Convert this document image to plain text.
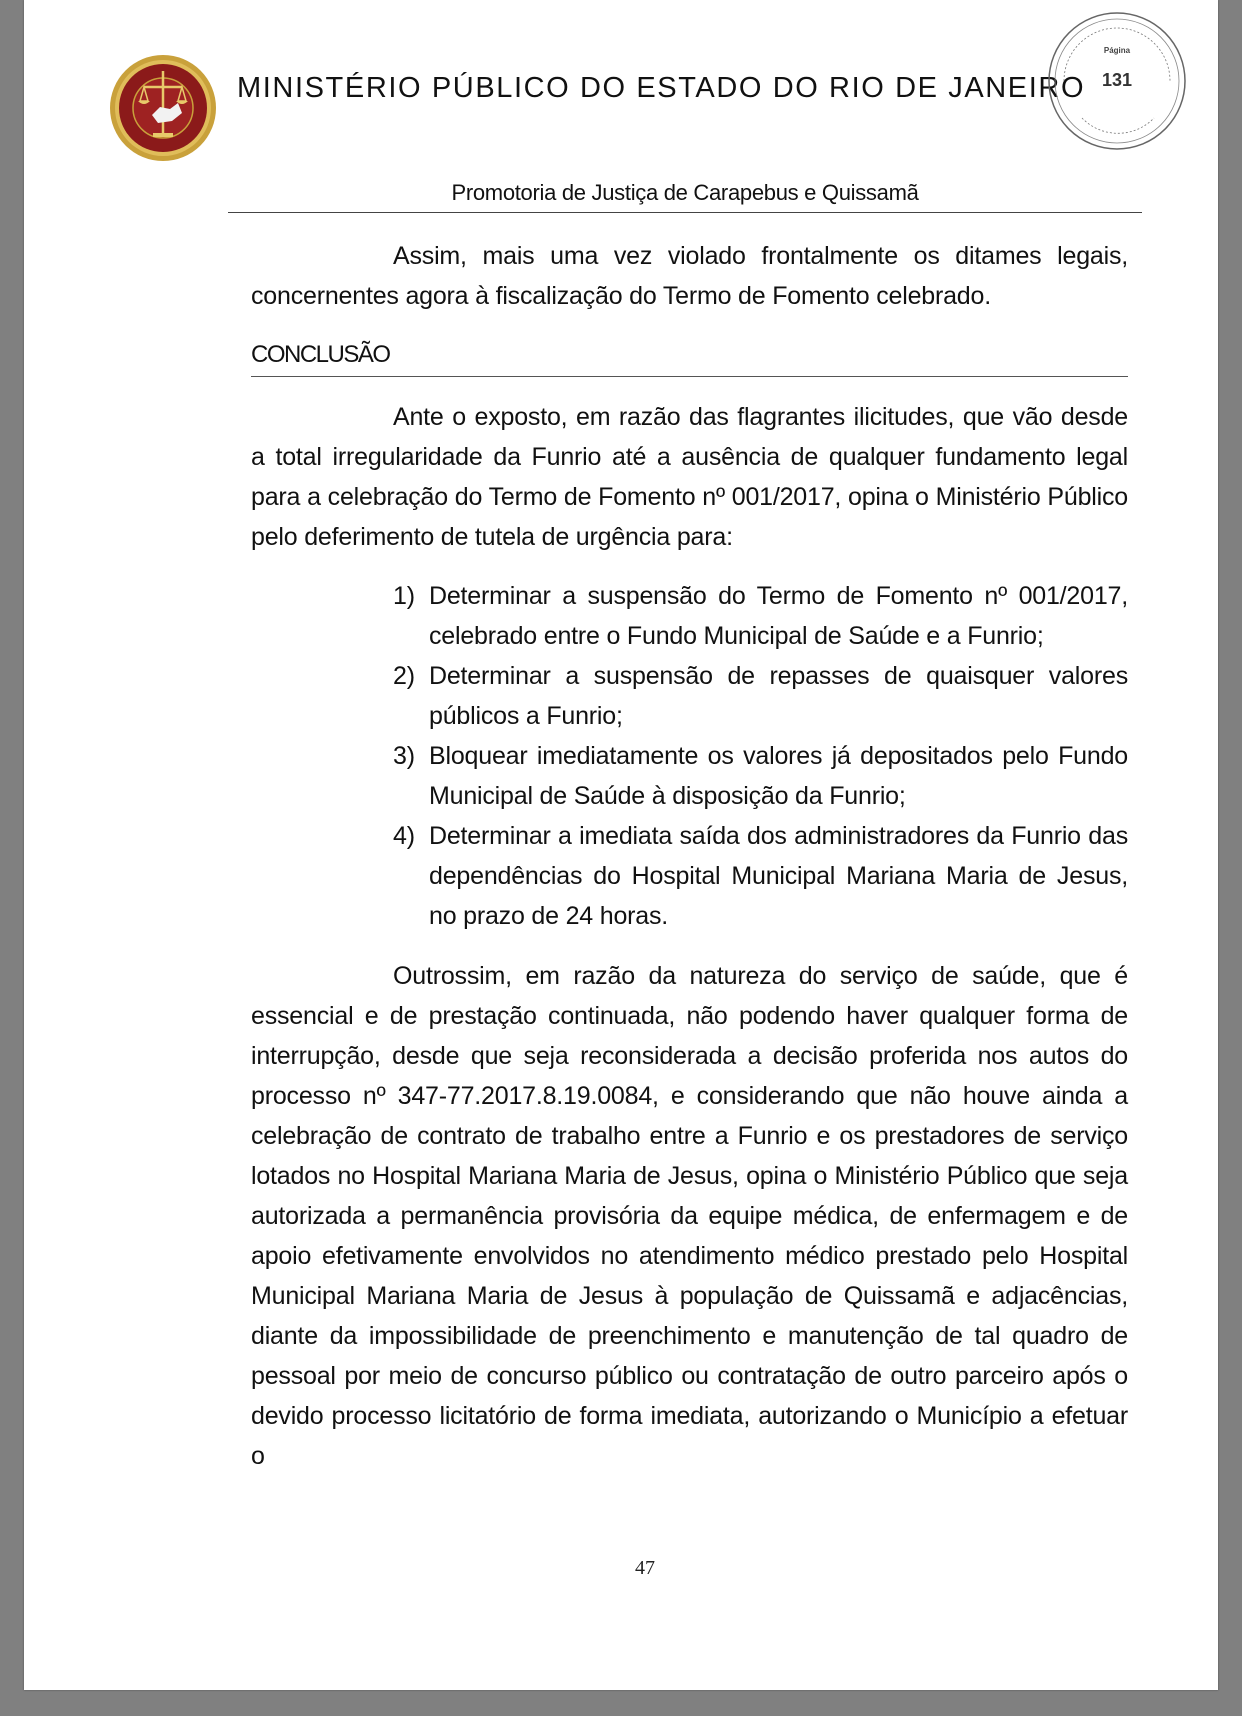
MINISTÉRIO PÚBLICO DO ESTADO DO RIO DE JANEIRO
Página
131
Promotoria de Justiça de Carapebus e Quissamã

Assim, mais uma vez violado frontalmente os ditames legais, concernentes agora à fiscalização do Termo de Fomento celebrado.

CONCLUSÃO

Ante o exposto, em razão das flagrantes ilicitudes, que vão desde a total irregularidade da Funrio até a ausência de qualquer fundamento legal para a celebração do Termo de Fomento nº 001/2017, opina o Ministério Público pelo deferimento de tutela de urgência para:

1) Determinar a suspensão do Termo de Fomento nº 001/2017, celebrado entre o Fundo Municipal de Saúde e a Funrio;
2) Determinar a suspensão de repasses de quaisquer valores públicos a Funrio;
3) Bloquear imediatamente os valores já depositados pelo Fundo Municipal de Saúde à disposição da Funrio;
4) Determinar a imediata saída dos administradores da Funrio das dependências do Hospital Municipal Mariana Maria de Jesus, no prazo de 24 horas.

Outrossim, em razão da natureza do serviço de saúde, que é essencial e de prestação continuada, não podendo haver qualquer forma de interrupção, desde que seja reconsiderada a decisão proferida nos autos do processo nº 347-77.2017.8.19.0084, e considerando que não houve ainda a celebração de contrato de trabalho entre a Funrio e os prestadores de serviço lotados no Hospital Mariana Maria de Jesus, opina o Ministério Público que seja autorizada a permanência provisória da equipe médica, de enfermagem e de apoio efetivamente envolvidos no atendimento médico prestado pelo Hospital Municipal Mariana Maria de Jesus à população de Quissamã e adjacências, diante da impossibilidade de preenchimento e manutenção de tal quadro de pessoal por meio de concurso público ou contratação de outro parceiro após o devido processo licitatório de forma imediata, autorizando o Município a efetuar o

47
